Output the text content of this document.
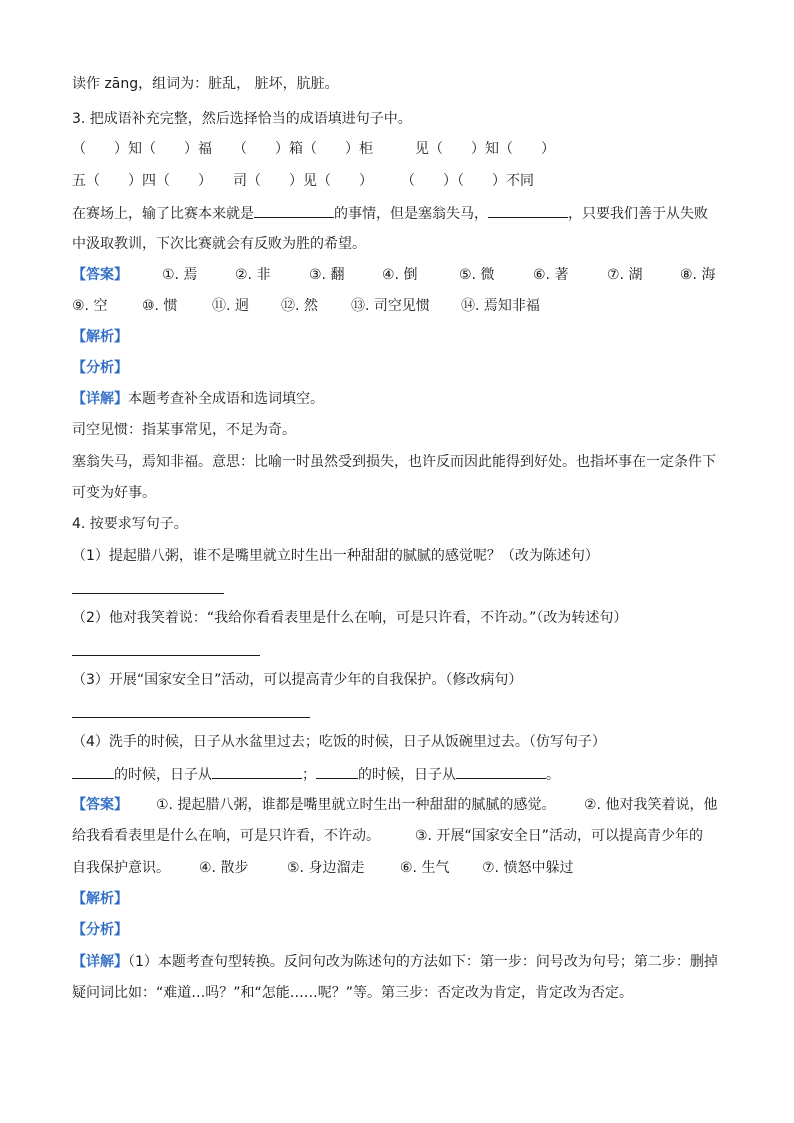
读作 zāng，组词为：脏乱， 脏坏，肮脏。
3. 把成语补充完整，然后选择恰当的成语填进句子中。
（　　）知（　　）福　　（　　）箱（　　）柜　　　见（　　）知（　　）
五（　　）四（　　）　　司（　　）见（　　）　　　（　　）（　　）不同
在赛场上，输了比赛本来就是	的事情，但是塞翁失马，	，只要我们善于从失败
中汲取教训，下次比赛就会有反败为胜的希望。
【答案】 ①. 焉	②. 非	③. 翻	④. 倒	⑤. 微	⑥. 著	⑦. 湖	⑧. 海
⑨. 空 ⑩. 惯 ⑪. 迥 ⑫. 然 ⑬. 司空见惯 ⑭. 焉知非福
【解析】
【分析】
【详解】本题考查补全成语和选词填空。
司空见惯：指某事常见，不足为奇。
塞翁失马，焉知非福。意思：比喻一时虽然受到损失，也许反而因此能得到好处。也指坏事在一定条件下
可变为好事。
4. 按要求写句子。
（1）提起腊八粥，谁不是嘴里就立时生出一种甜甜的腻腻的感觉呢？（改为陈述句）
（2）他对我笑着说：“我给你看看表里是什么在响，可是只许看，不许动。”（改为转述句）
（3）开展“国家安全日”活动，可以提高青少年的自我保护。（修改病句）
（4）洗手的时候，日子从水盆里过去；吃饭的时候，日子从饭碗里过去。（仿写句子）
的时候，日子从	；	的时候，日子从	。
【答案】 ①. 提起腊八粥，谁都是嘴里就立时生出一种甜甜的腻腻的感觉。 ②. 他对我笑着说，他
给我看看表里是什么在响，可是只许看，不许动。	③. 开展“国家安全日”活动，可以提高青少年的
自我保护意识。 ④. 散步	⑤. 身边溜走	⑥. 生气 ⑦. 愤怒中躲过
【解析】
【分析】
【详解】（1）本题考查句型转换。反问句改为陈述句的方法如下：第一步：问号改为句号；第二步：删掉
疑问词比如：“难道…吗？”和“怎能……呢？”等。第三步：否定改为肯定，肯定改为否定。
